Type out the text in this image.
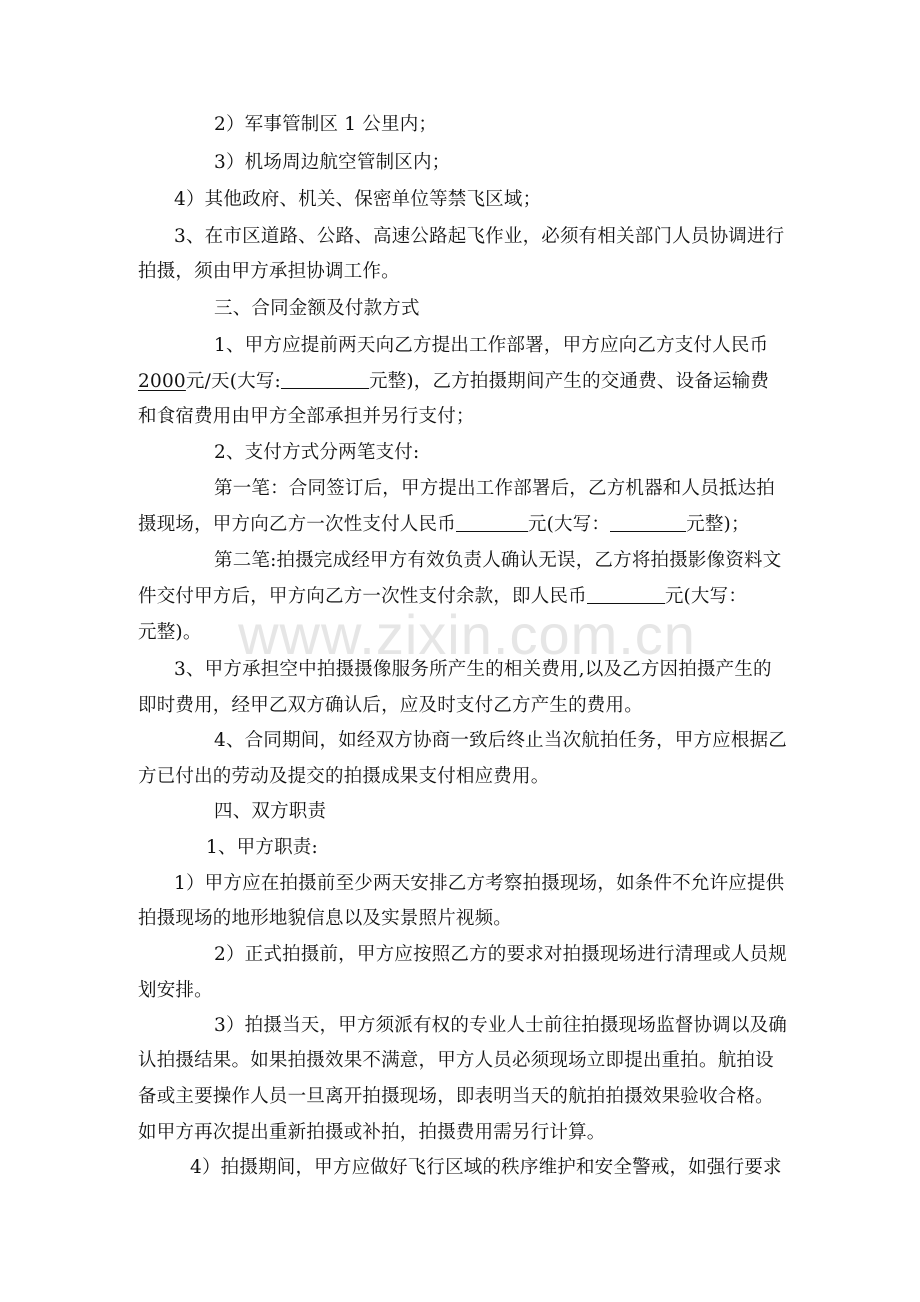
2）军事管制区 1 公里内；

3）机场周边航空管制区内；

4）其他政府、机关、保密单位等禁飞区域；

3、在市区道路、公路、高速公路起飞作业，必须有相关部门人员协调进行

拍摄，须由甲方承担协调工作。

三、合同金额及付款方式

1、甲方应提前两天向乙方提出工作部署，甲方应向乙方支付人民币

2000元/天(大写:	元整)，乙方拍摄期间产生的交通费、设备运输费

和食宿费用由甲方全部承担并另行支付；

2、支付方式分两笔支付:

第一笔：合同签订后，甲方提出工作部署后，乙方机器和人员抵达拍

摄现场，甲方向乙方一次性支付人民币	元(大写：	元整)；

第二笔:拍摄完成经甲方有效负责人确认无误，乙方将拍摄影像资料文

件交付甲方后，甲方向乙方一次性支付余款，即人民币	元(大写：

元整)。

3、甲方承担空中拍摄摄像服务所产生的相关费用,以及乙方因拍摄产生的

即时费用，经甲乙双方确认后，应及时支付乙方产生的费用。

4、合同期间，如经双方协商一致后终止当次航拍任务，甲方应根据乙

方已付出的劳动及提交的拍摄成果支付相应费用。

四、双方职责

1、甲方职责:

1）甲方应在拍摄前至少两天安排乙方考察拍摄现场，如条件不允许应提供

拍摄现场的地形地貌信息以及实景照片视频。

2）正式拍摄前，甲方应按照乙方的要求对拍摄现场进行清理或人员规

划安排。

3）拍摄当天，甲方须派有权的专业人士前往拍摄现场监督协调以及确

认拍摄结果。如果拍摄效果不满意，甲方人员必须现场立即提出重拍。航拍设

备或主要操作人员一旦离开拍摄现场，即表明当天的航拍拍摄效果验收合格。

如甲方再次提出重新拍摄或补拍，拍摄费用需另行计算。

4）拍摄期间，甲方应做好飞行区域的秩序维护和安全警戒，如强行要求

www.zixin.com.cn
